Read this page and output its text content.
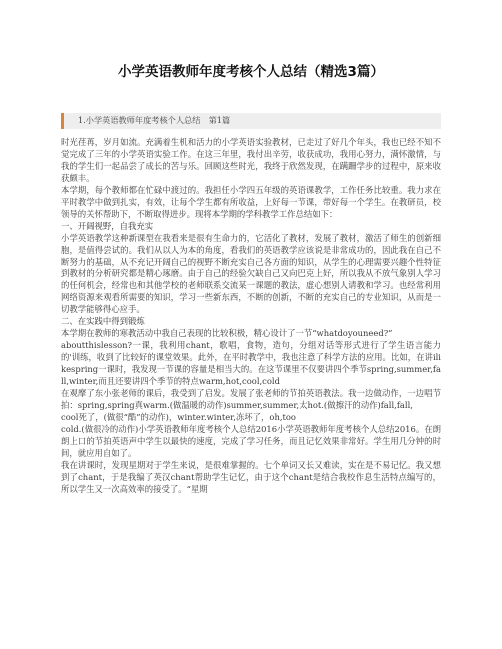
小学英语教师年度考核个人总结（精选3篇）
1.小学英语教师年度考核个人总结　第1篇

时光荏苒，岁月如流。充满着生机和活力的小学英语实验教材，已走过了好几个年头，我也已经不知不觉完成了三年的小学英语实验工作。在这三年里，我付出辛劳，收获成功，我用心努力，满怀激情，与我的学生们一起品尝了成长的苦与乐。回顾这些时光，我终于欣然发现，在蹒跚学步的过程中，原来收获颇丰。

本学期，每个教师都在忙碌中渡过的。我担任小学四五年级的英语课教学，工作任务比较重。我力求在平时教学中做到扎实，有效，让每个学生都有所收益，上好每一节课，带好每一个学生。在教研员，校领导的关怀帮助下，不断取得进步。现将本学期的学科教学工作总结如下：

一、开阔视野，自我充实

小学英语教学这种新课型在我看来是很有生命力的，它活化了教材，发展了教材，激活了师生的创新细胞，是值得尝试的。我们从以人为本的角度，看我们的英语教学应该说是非常成功的，因此我在自己不断努力的基础，从不充记开阔自己的视野不断充实自己各方面的知识，从学生的心理需要兴趣个性特征到教材的分析研究都是精心琢磨。由于自己的经验欠缺自己又向巴克上好，所以我从不放气象别人学习的任何机会，经常也和其他学校的老师联系交流某一课题的教法，虚心想别人请教和学习。也经常利用网络资源来观看所需要的知识，学习一些新东西，不断的创新，不断的充实自己的专业知识，从而是一切教学能够得心应手。

二、在实践中得到锻炼

本学期在教师的寒教活动中我自己表现的比较积极，精心设计了一节“whatdoyouneed?”

aboutthislesson?一课，我利用chant，歌唱，食物，造句，分组对话等形式进行了学生语言能力的'训练，收到了比较好的课堂效果。此外，在平时教学中，我也注意了科学方法的应用。比如，在讲ilikespring一课时，我发现一节课的容量是相当大的。在这节课里不仅要讲四个季节spring,summer,fall,winter,而且还要讲四个季节的特点warm,hot,cool,cold

在观摩了东小张老师的课后，我受到了启发。发展了张老师的节拍英语教法。我一边做动作，一边唱节拍：spring,spring真warm.(做温暖的动作)summer,summer,太hot.(做擦汗的动作)fall,fall,

cool死了，(做很“酷”的动作)，winter.winter,冻坏了，oh,too

cold.(做很冷的动作)小学英语教师年度考核个人总结2016小学英语教师年度考核个人总结2016。在朗朗上口的节拍英语声中学生以最快的速度，完成了学习任务，而且记忆效果非常好。学生用几分钟的时间，就应用自如了。

我在讲课时，发现星期对于学生来说，是很难掌握的。七个单词又长又难读，实在是不易记忆。我又想到了chant，于是我编了英汉chant帮助学生记忆，由于这个chant是结合我校作息生活特点编写的，所以学生又一次高效率的接受了。“星期
